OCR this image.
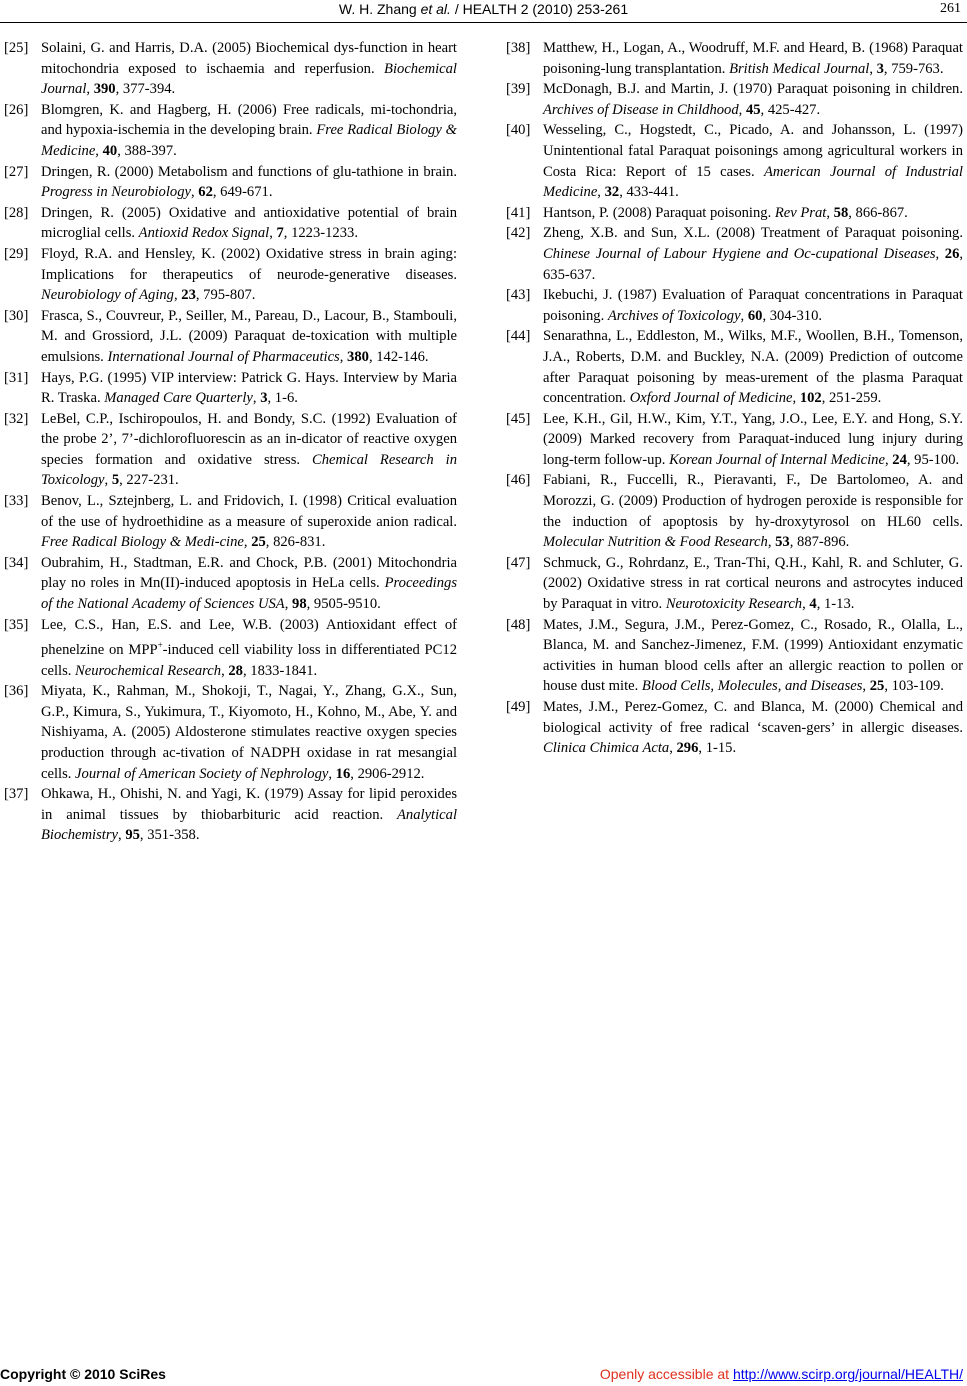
W. H. Zhang et al. / HEALTH 2 (2010) 253-261	261
[25] Solaini, G. and Harris, D.A. (2005) Biochemical dys-function in heart mitochondria exposed to ischaemia and reperfusion. Biochemical Journal, 390, 377-394.
[26] Blomgren, K. and Hagberg, H. (2006) Free radicals, mi-tochondria, and hypoxia-ischemia in the developing brain. Free Radical Biology & Medicine, 40, 388-397.
[27] Dringen, R. (2000) Metabolism and functions of glu-tathione in brain. Progress in Neurobiology, 62, 649-671.
[28] Dringen, R. (2005) Oxidative and antioxidative potential of brain microglial cells. Antioxid Redox Signal, 7, 1223-1233.
[29] Floyd, R.A. and Hensley, K. (2002) Oxidative stress in brain aging: Implications for therapeutics of neurode-generative diseases. Neurobiology of Aging, 23, 795-807.
[30] Frasca, S., Couvreur, P., Seiller, M., Pareau, D., Lacour, B., Stambouli, M. and Grossiord, J.L. (2009) Paraquat de-toxication with multiple emulsions. International Journal of Pharmaceutics, 380, 142-146.
[31] Hays, P.G. (1995) VIP interview: Patrick G. Hays. Interview by Maria R. Traska. Managed Care Quarterly, 3, 1-6.
[32] LeBel, C.P., Ischiropoulos, H. and Bondy, S.C. (1992) Evaluation of the probe 2’, 7’-dichlorofluorescin as an in-dicator of reactive oxygen species formation and oxidative stress. Chemical Research in Toxicology, 5, 227-231.
[33] Benov, L., Sztejnberg, L. and Fridovich, I. (1998) Critical evaluation of the use of hydroethidine as a measure of superoxide anion radical. Free Radical Biology & Medi-cine, 25, 826-831.
[34] Oubrahim, H., Stadtman, E.R. and Chock, P.B. (2001) Mitochondria play no roles in Mn(II)-induced apoptosis in HeLa cells. Proceedings of the National Academy of Sciences USA, 98, 9505-9510.
[35] Lee, C.S., Han, E.S. and Lee, W.B. (2003) Antioxidant effect of phenelzine on MPP+-induced cell viability loss in differentiated PC12 cells. Neurochemical Research, 28, 1833-1841.
[36] Miyata, K., Rahman, M., Shokoji, T., Nagai, Y., Zhang, G.X., Sun, G.P., Kimura, S., Yukimura, T., Kiyomoto, H., Kohno, M., Abe, Y. and Nishiyama, A. (2005) Aldosterone stimulates reactive oxygen species production through ac-tivation of NADPH oxidase in rat mesangial cells. Journal of American Society of Nephrology, 16, 2906-2912.
[37] Ohkawa, H., Ohishi, N. and Yagi, K. (1979) Assay for lipid peroxides in animal tissues by thiobarbituric acid reaction. Analytical Biochemistry, 95, 351-358.
[38] Matthew, H., Logan, A., Woodruff, M.F. and Heard, B. (1968) Paraquat poisoning-lung transplantation. British Medical Journal, 3, 759-763.
[39] McDonagh, B.J. and Martin, J. (1970) Paraquat poisoning in children. Archives of Disease in Childhood, 45, 425-427.
[40] Wesseling, C., Hogstedt, C., Picado, A. and Johansson, L. (1997) Unintentional fatal Paraquat poisonings among agricultural workers in Costa Rica: Report of 15 cases. American Journal of Industrial Medicine, 32, 433-441.
[41] Hantson, P. (2008) Paraquat poisoning. Rev Prat, 58, 866-867.
[42] Zheng, X.B. and Sun, X.L. (2008) Treatment of Paraquat poisoning. Chinese Journal of Labour Hygiene and Oc-cupational Diseases, 26, 635-637.
[43] Ikebuchi, J. (1987) Evaluation of Paraquat concentrations in Paraquat poisoning. Archives of Toxicology, 60, 304-310.
[44] Senarathna, L., Eddleston, M., Wilks, M.F., Woollen, B.H., Tomenson, J.A., Roberts, D.M. and Buckley, N.A. (2009) Prediction of outcome after Paraquat poisoning by meas-urement of the plasma Paraquat concentration. Oxford Journal of Medicine, 102, 251-259.
[45] Lee, K.H., Gil, H.W., Kim, Y.T., Yang, J.O., Lee, E.Y. and Hong, S.Y. (2009) Marked recovery from Paraquat-induced lung injury during long-term follow-up. Korean Journal of Internal Medicine, 24, 95-100.
[46] Fabiani, R., Fuccelli, R., Pieravanti, F., De Bartolomeo, A. and Morozzi, G. (2009) Production of hydrogen peroxide is responsible for the induction of apoptosis by hy-droxytyrosol on HL60 cells. Molecular Nutrition & Food Research, 53, 887-896.
[47] Schmuck, G., Rohrdanz, E., Tran-Thi, Q.H., Kahl, R. and Schluter, G. (2002) Oxidative stress in rat cortical neurons and astrocytes induced by Paraquat in vitro. Neurotoxicity Research, 4, 1-13.
[48] Mates, J.M., Segura, J.M., Perez-Gomez, C., Rosado, R., Olalla, L., Blanca, M. and Sanchez-Jimenez, F.M. (1999) Antioxidant enzymatic activities in human blood cells after an allergic reaction to pollen or house dust mite. Blood Cells, Molecules, and Diseases, 25, 103-109.
[49] Mates, J.M., Perez-Gomez, C. and Blanca, M. (2000) Chemical and biological activity of free radical ‘scaven-gers’ in allergic diseases. Clinica Chimica Acta, 296, 1-15.
Copyright © 2010 SciRes	Openly accessible at http://www.scirp.org/journal/HEALTH/
